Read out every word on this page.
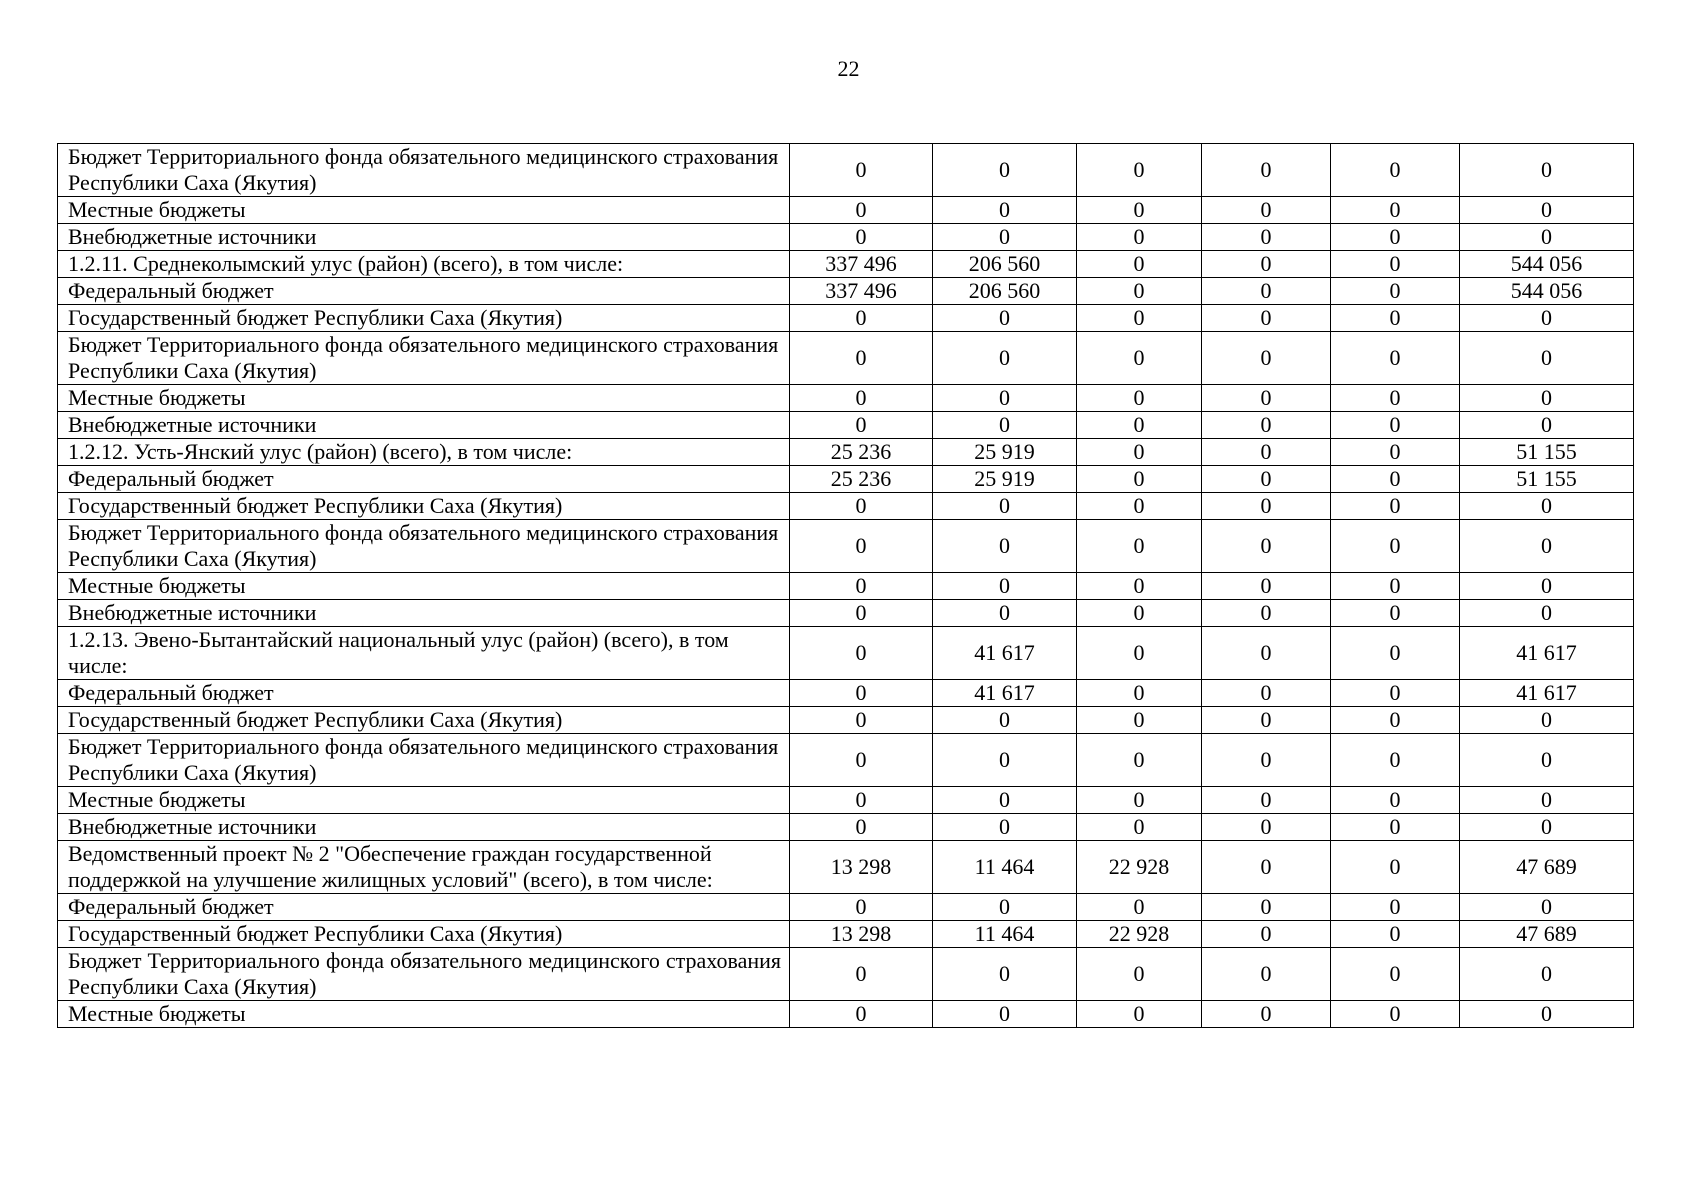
22
Бюджет Территориального фонда обязательного медицинского страхования Республики Саха (Якутия)	0	0	0	0	0	0
Местные бюджеты	0	0	0	0	0	0
Внебюджетные источники	0	0	0	0	0	0
1.2.11. Среднеколымский улус (район) (всего), в том числе:	337 496	206 560	0	0	0	544 056
Федеральный бюджет	337 496	206 560	0	0	0	544 056
Государственный бюджет Республики Саха (Якутия)	0	0	0	0	0	0
Бюджет Территориального фонда обязательного медицинского страхования Республики Саха (Якутия)	0	0	0	0	0	0
Местные бюджеты	0	0	0	0	0	0
Внебюджетные источники	0	0	0	0	0	0
1.2.12. Усть-Янский улус (район) (всего), в том числе:	25 236	25 919	0	0	0	51 155
Федеральный бюджет	25 236	25 919	0	0	0	51 155
Государственный бюджет Республики Саха (Якутия)	0	0	0	0	0	0
Бюджет Территориального фонда обязательного медицинского страхования Республики Саха (Якутия)	0	0	0	0	0	0
Местные бюджеты	0	0	0	0	0	0
Внебюджетные источники	0	0	0	0	0	0
1.2.13. Эвено-Бытантайский национальный улус (район) (всего), в том числе:	0	41 617	0	0	0	41 617
Федеральный бюджет	0	41 617	0	0	0	41 617
Государственный бюджет Республики Саха (Якутия)	0	0	0	0	0	0
Бюджет Территориального фонда обязательного медицинского страхования Республики Саха (Якутия)	0	0	0	0	0	0
Местные бюджеты	0	0	0	0	0	0
Внебюджетные источники	0	0	0	0	0	0
Ведомственный проект № 2 "Обеспечение граждан государственной поддержкой на улучшение жилищных условий" (всего), в том числе:	13 298	11 464	22 928	0	0	47 689
Федеральный бюджет	0	0	0	0	0	0
Государственный бюджет Республики Саха (Якутия)	13 298	11 464	22 928	0	0	47 689
Бюджет Территориального фонда обязательного медицинского страхования Республики Саха (Якутия)	0	0	0	0	0	0
Местные бюджеты	0	0	0	0	0	0
